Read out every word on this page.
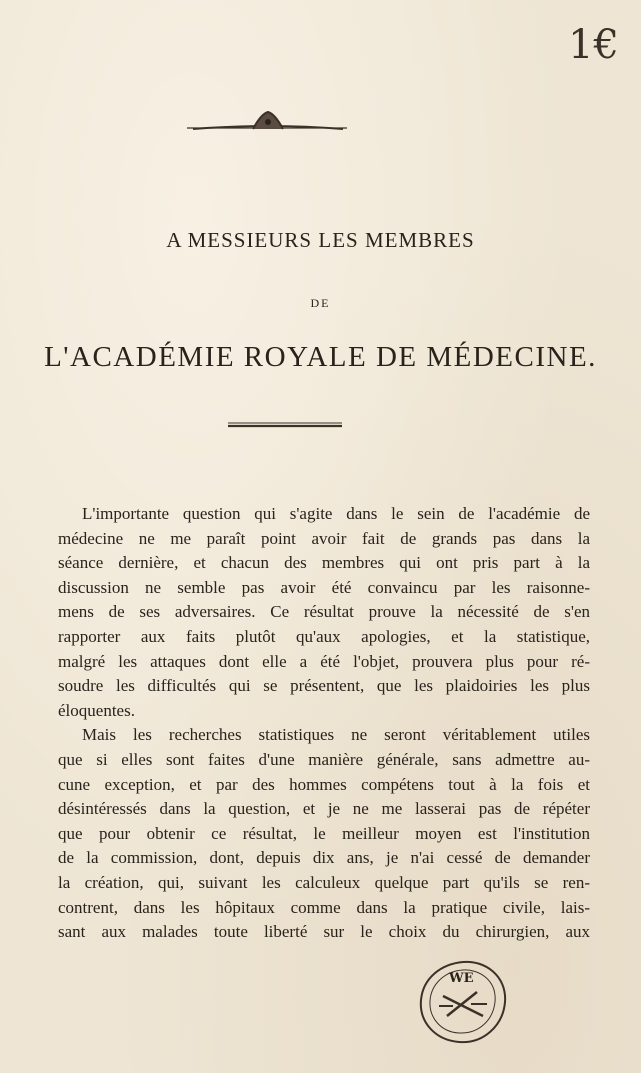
1€
A MESSIEURS LES MEMBRES
DE
L'ACADÉMIE ROYALE DE MÉDECINE.
L'importante question qui s'agite dans le sein de l'académie de
médecine ne me paraît point avoir fait de grands pas dans la
séance dernière, et chacun des membres qui ont pris part à la
discussion ne semble pas avoir été convaincu par les raisonne-
mens de ses adversaires. Ce résultat prouve la nécessité de s'en
rapporter aux faits plutôt qu'aux apologies, et la statistique,
malgré les attaques dont elle a été l'objet, prouvera plus pour ré-
soudre les difficultés qui se présentent, que les plaidoiries les plus
éloquentes.
Mais les recherches statistiques ne seront véritablement utiles
que si elles sont faites d'une manière générale, sans admettre au-
cune exception, et par des hommes compétens tout à la fois et
désintéressés dans la question, et je ne me lasserai pas de répéter
que pour obtenir ce résultat, le meilleur moyen est l'institution
de la commission, dont, depuis dix ans, je n'ai cessé de demander
la création, qui, suivant les calculeux quelque part qu'ils se ren-
contrent, dans les hôpitaux comme dans la pratique civile, lais-
sant aux malades toute liberté sur le choix du chirurgien, aux
WE
